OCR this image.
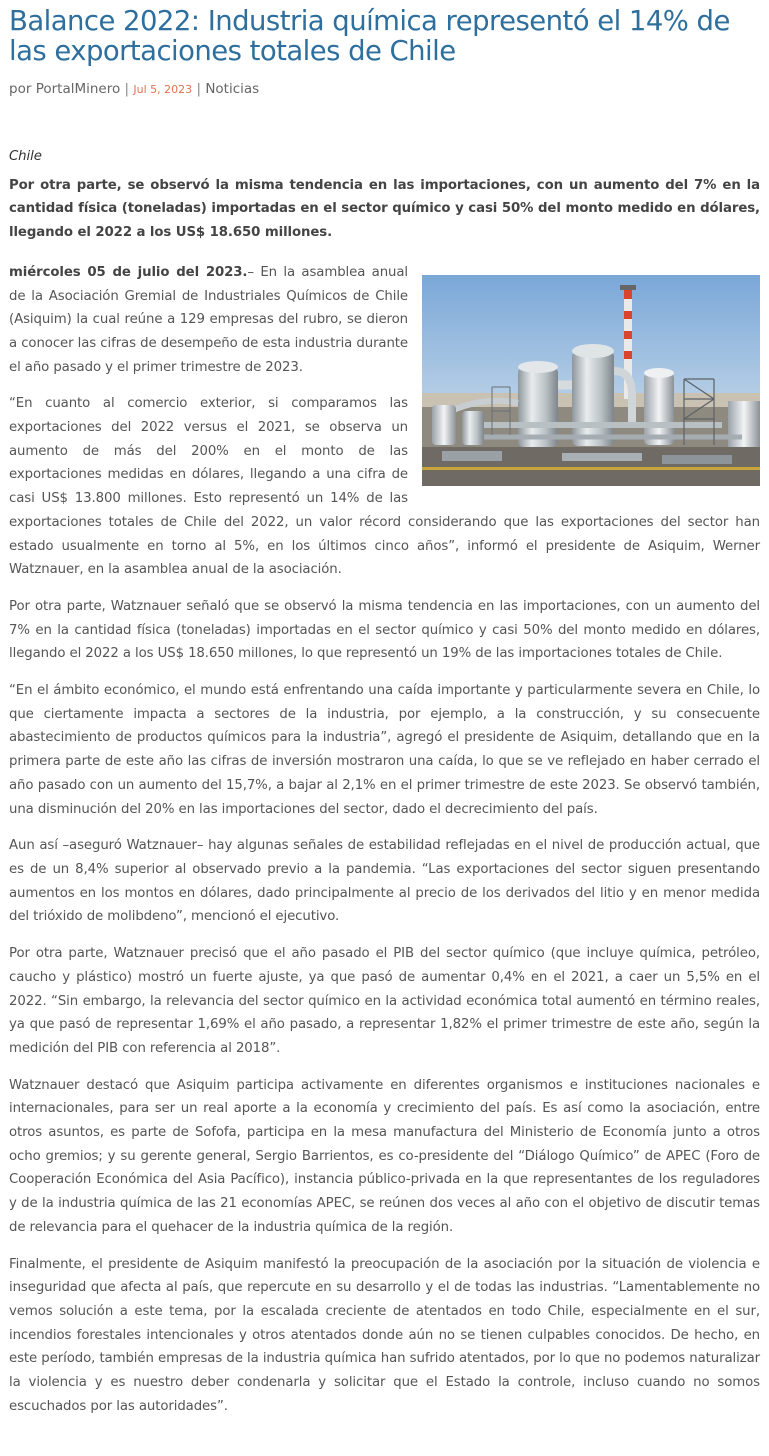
Balance 2022: Industria química representó el 14% de las exportaciones totales de Chile
por PortalMinero | Jul 5, 2023 | Noticias

Chile

Por otra parte, se observó la misma tendencia en las importaciones, con un aumento del 7% en la cantidad física (toneladas) importadas en el sector químico y casi 50% del monto medido en dólares, llegando el 2022 a los US$ 18.650 millones.

miércoles 05 de julio del 2023.– En la asamblea anual de la Asociación Gremial de Industriales Químicos de Chile (Asiquim) la cual reúne a 129 empresas del rubro, se dieron a conocer las cifras de desempeño de esta industria durante el año pasado y el primer trimestre de 2023.

“En cuanto al comercio exterior, si comparamos las exportaciones del 2022 versus el 2021, se observa un aumento de más del 200% en el monto de las exportaciones medidas en dólares, llegando a una cifra de casi US$ 13.800 millones. Esto representó un 14% de las exportaciones totales de Chile del 2022, un valor récord considerando que las exportaciones del sector han estado usualmente en torno al 5%, en los últimos cinco años”, informó el presidente de Asiquim, Werner Watznauer, en la asamblea anual de la asociación.

Por otra parte, Watznauer señaló que se observó la misma tendencia en las importaciones, con un aumento del 7% en la cantidad física (toneladas) importadas en el sector químico y casi 50% del monto medido en dólares, llegando el 2022 a los US$ 18.650 millones, lo que representó un 19% de las importaciones totales de Chile.

“En el ámbito económico, el mundo está enfrentando una caída importante y particularmente severa en Chile, lo que ciertamente impacta a sectores de la industria, por ejemplo, a la construcción, y su consecuente abastecimiento de productos químicos para la industria”, agregó el presidente de Asiquim, detallando que en la primera parte de este año las cifras de inversión mostraron una caída, lo que se ve reflejado en haber cerrado el año pasado con un aumento del 15,7%, a bajar al 2,1% en el primer trimestre de este 2023. Se observó también, una disminución del 20% en las importaciones del sector, dado el decrecimiento del país.

Aun así –aseguró Watznauer– hay algunas señales de estabilidad reflejadas en el nivel de producción actual, que es de un 8,4% superior al observado previo a la pandemia. “Las exportaciones del sector siguen presentando aumentos en los montos en dólares, dado principalmente al precio de los derivados del litio y en menor medida del trióxido de molibdeno”, mencionó el ejecutivo.

Por otra parte, Watznauer precisó que el año pasado el PIB del sector químico (que incluye química, petróleo, caucho y plástico) mostró un fuerte ajuste, ya que pasó de aumentar 0,4% en el 2021, a caer un 5,5% en el 2022. “Sin embargo, la relevancia del sector químico en la actividad económica total aumentó en término reales, ya que pasó de representar 1,69% el año pasado, a representar 1,82% el primer trimestre de este año, según la medición del PIB con referencia al 2018”.

Watznauer destacó que Asiquim participa activamente en diferentes organismos e instituciones nacionales e internacionales, para ser un real aporte a la economía y crecimiento del país. Es así como la asociación, entre otros asuntos, es parte de Sofofa, participa en la mesa manufactura del Ministerio de Economía junto a otros ocho gremios; y su gerente general, Sergio Barrientos, es co-presidente del “Diálogo Químico” de APEC (Foro de Cooperación Económica del Asia Pacífico), instancia público-privada en la que representantes de los reguladores y de la industria química de las 21 economías APEC, se reúnen dos veces al año con el objetivo de discutir temas de relevancia para el quehacer de la industria química de la región.

Finalmente, el presidente de Asiquim manifestó la preocupación de la asociación por la situación de violencia e inseguridad que afecta al país, que repercute en su desarrollo y el de todas las industrias. “Lamentablemente no vemos solución a este tema, por la escalada creciente de atentados en todo Chile, especialmente en el sur, incendios forestales intencionales y otros atentados donde aún no se tienen culpables conocidos. De hecho, en este período, también empresas de la industria química han sufrido atentados, por lo que no podemos naturalizar la violencia y es nuestro deber condenarla y solicitar que el Estado la controle, incluso cuando no somos escuchados por las autoridades”.
